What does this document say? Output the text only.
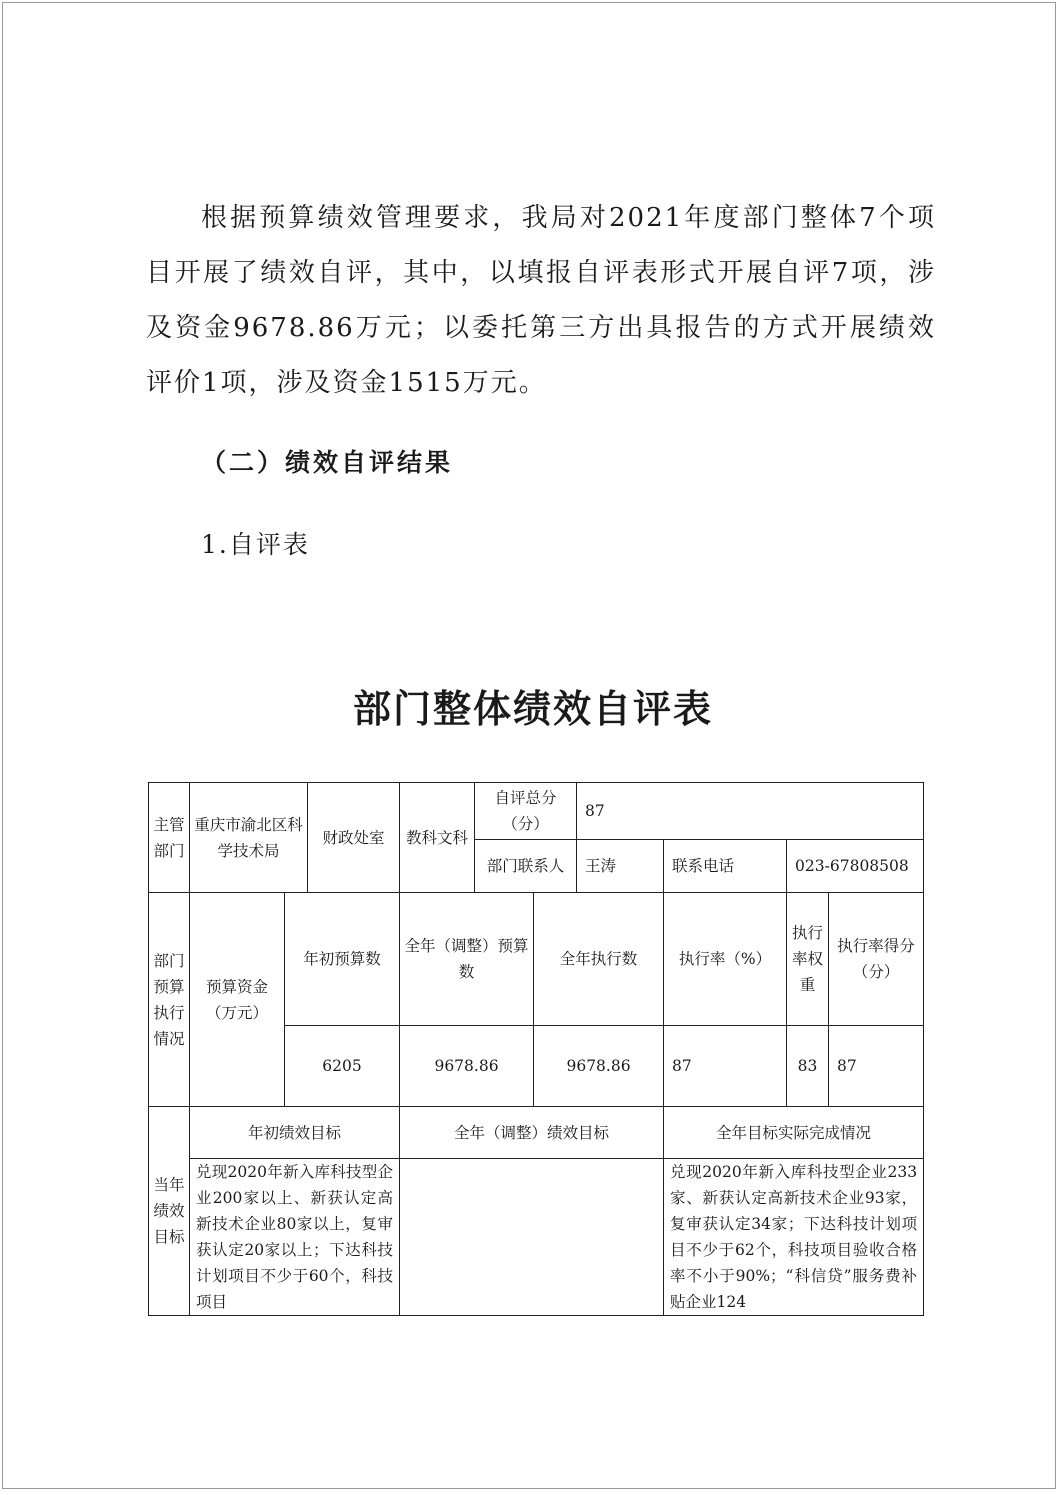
根据预算绩效管理要求，我局对2021年度部门整体7个项目开展了绩效自评，其中，以填报自评表形式开展自评7项，涉及资金9678.86万元；以委托第三方出具报告的方式开展绩效评价1项，涉及资金1515万元。

（二）绩效自评结果
1.自评表
部门整体绩效自评表
主管部门	重庆市渝北区科学技术局		财政处室	教科文科	自评总分（分）		87			
					部门联系人		王涛	联系电话	023-67808508	
部门预算执行情况	预算资金（万元）	年初预算数		全年（调整）预算数		全年执行数		执行率（%）	执行率权重	执行率得分（分）
		6205		9678.86		9678.86		87	83	87
当年绩效目标	年初绩效目标			全年（调整）绩效目标				全年目标实际完成情况		
	兑现2020年新入库科技型企业200家以上、新获认定高新技术企业80家以上，复审获认定20家以上；下达科技计划项目不少于60个，科技项目							兑现2020年新入库科技型企业233家、新获认定高新技术企业93家，复审获认定34家；下达科技计划项目不少于62个，科技项目验收合格率不小于90%；“科信贷”服务费补贴企业124		
